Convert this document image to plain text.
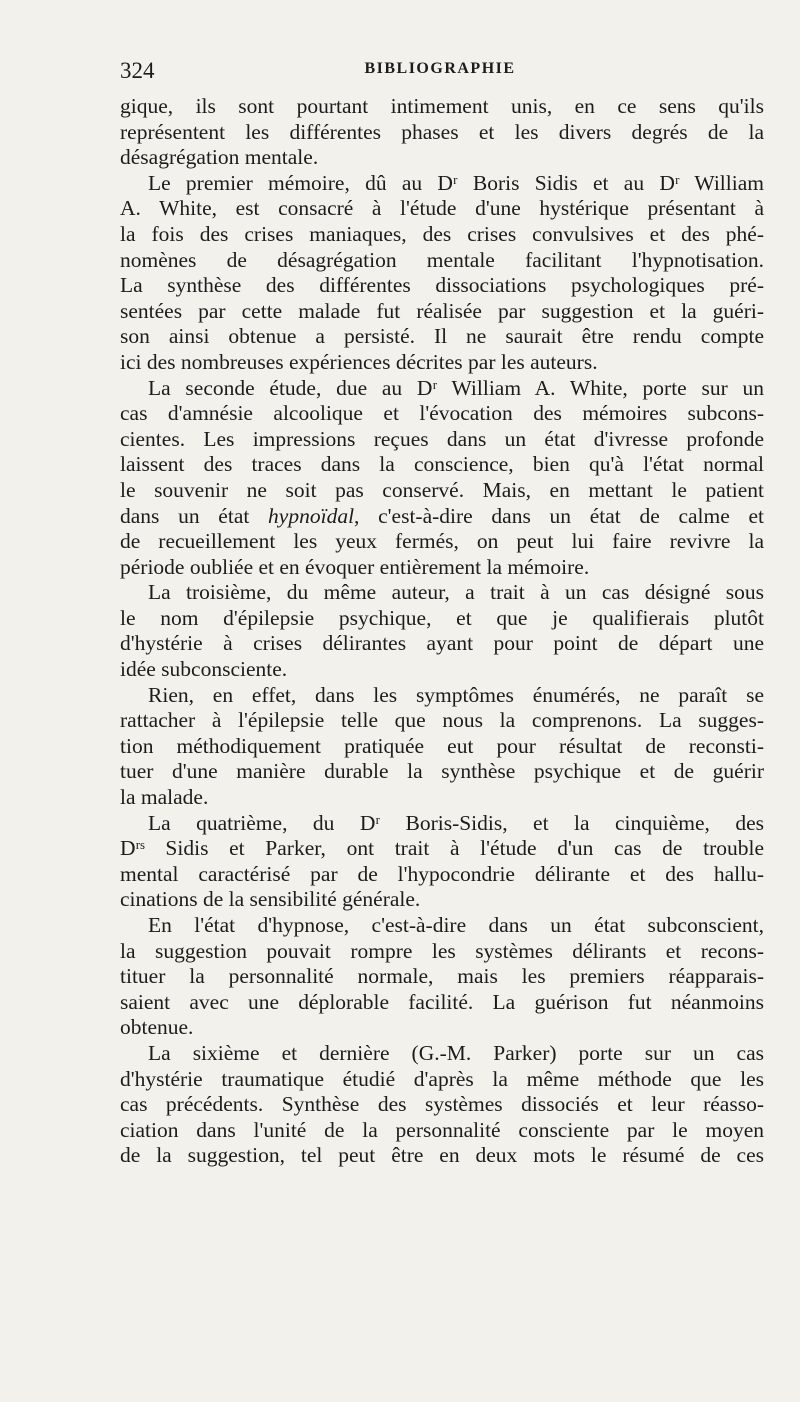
324	BIBLIOGRAPHIE
gique, ils sont pourtant intimement unis, en ce sens qu'ils
représentent les différentes phases et les divers degrés de la
désagrégation mentale.
Le premier mémoire, dû au Dʳ Boris Sidis et au Dʳ William
A. White, est consacré à l'étude d'une hystérique présentant à
la fois des crises maniaques, des crises convulsives et des phé-
nomènes de désagrégation mentale facilitant l'hypnotisation.
La synthèse des différentes dissociations psychologiques pré-
sentées par cette malade fut réalisée par suggestion et la guéri-
son ainsi obtenue a persisté. Il ne saurait être rendu compte
ici des nombreuses expériences décrites par les auteurs.
La seconde étude, due au Dʳ William A. White, porte sur un
cas d'amnésie alcoolique et l'évocation des mémoires subcons-
cientes. Les impressions reçues dans un état d'ivresse profonde
laissent des traces dans la conscience, bien qu'à l'état normal
le souvenir ne soit pas conservé. Mais, en mettant le patient
dans un état hypnoïdal, c'est-à-dire dans un état de calme et
de recueillement les yeux fermés, on peut lui faire revivre la
période oubliée et en évoquer entièrement la mémoire.
La troisième, du même auteur, a trait à un cas désigné sous
le nom d'épilepsie psychique, et que je qualifierais plutôt
d'hystérie à crises délirantes ayant pour point de départ une
idée subconsciente.
Rien, en effet, dans les symptômes énumérés, ne paraît se
rattacher à l'épilepsie telle que nous la comprenons. La sugges-
tion méthodiquement pratiquée eut pour résultat de reconsti-
tuer d'une manière durable la synthèse psychique et de guérir
la malade.
La quatrième, du Dʳ Boris-Sidis, et la cinquième, des
Dʳˢ Sidis et Parker, ont trait à l'étude d'un cas de trouble
mental caractérisé par de l'hypocondrie délirante et des hallu-
cinations de la sensibilité générale.
En l'état d'hypnose, c'est-à-dire dans un état subconscient,
la suggestion pouvait rompre les systèmes délirants et recons-
tituer la personnalité normale, mais les premiers réapparais-
saient avec une déplorable facilité. La guérison fut néanmoins
obtenue.
La sixième et dernière (G.-M. Parker) porte sur un cas
d'hystérie traumatique étudié d'après la même méthode que les
cas précédents. Synthèse des systèmes dissociés et leur réasso-
ciation dans l'unité de la personnalité consciente par le moyen
de la suggestion, tel peut être en deux mots le résumé de ces
